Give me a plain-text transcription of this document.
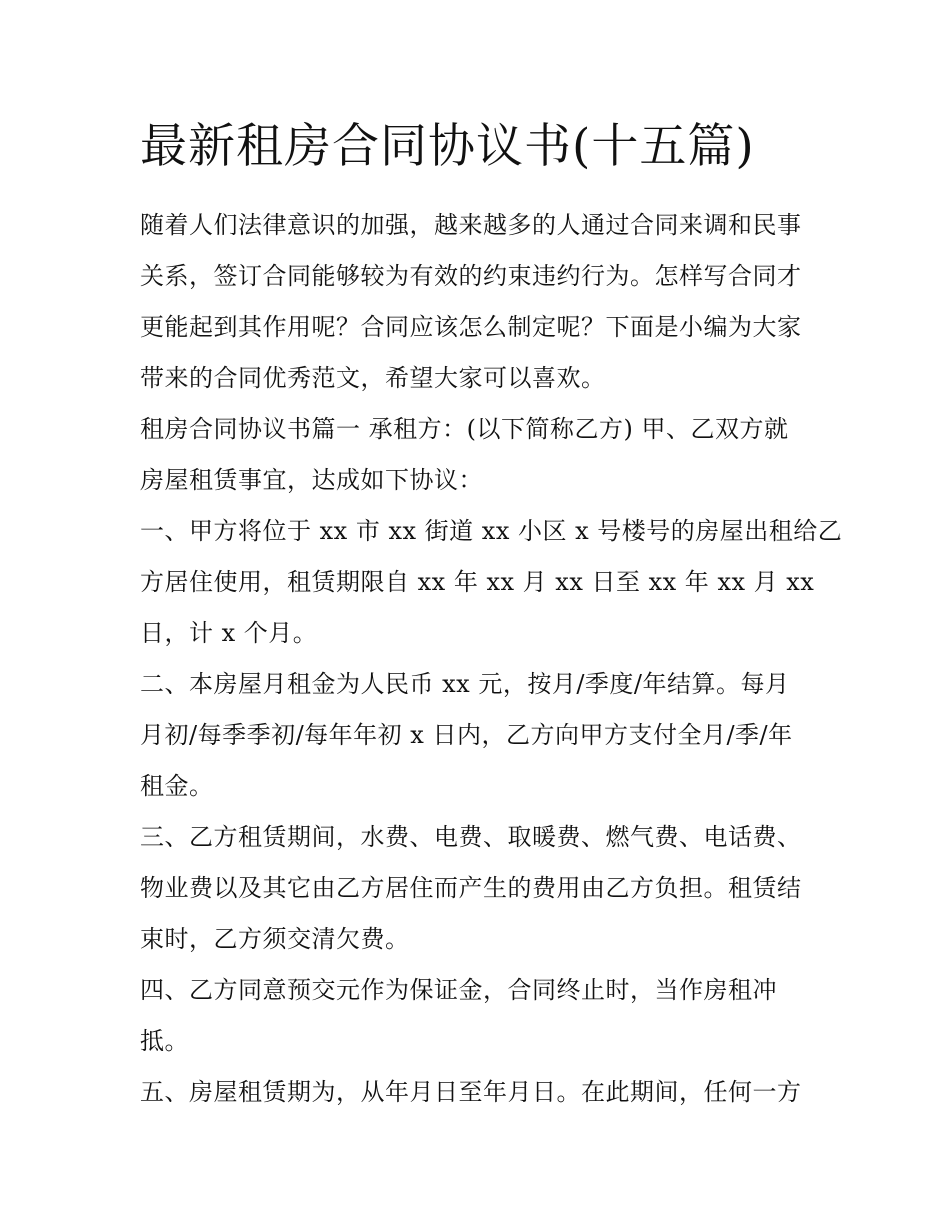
最新租房合同协议书(十五篇)

随着人们法律意识的加强，越来越多的人通过合同来调和民事
关系，签订合同能够较为有效的约束违约行为。怎样写合同才
更能起到其作用呢？合同应该怎么制定呢？下面是小编为大家
带来的合同优秀范文，希望大家可以喜欢。

租房合同协议书篇一 承租方：(以下简称乙方) 甲、乙双方就
房屋租赁事宜，达成如下协议：

一、甲方将位于 xx 市 xx 街道 xx 小区 x 号楼号的房屋出租给乙
方居住使用，租赁期限自 xx 年 xx 月 xx 日至 xx 年 xx 月 xx
日，计 x 个月。

二、本房屋月租金为人民币 xx 元，按月/季度/年结算。每月
月初/每季季初/每年年初 x 日内，乙方向甲方支付全月/季/年
租金。

三、乙方租赁期间，水费、电费、取暖费、燃气费、电话费、
物业费以及其它由乙方居住而产生的费用由乙方负担。租赁结
束时，乙方须交清欠费。

四、乙方同意预交元作为保证金，合同终止时，当作房租冲
抵。

五、房屋租赁期为，从年月日至年月日。在此期间，任何一方
